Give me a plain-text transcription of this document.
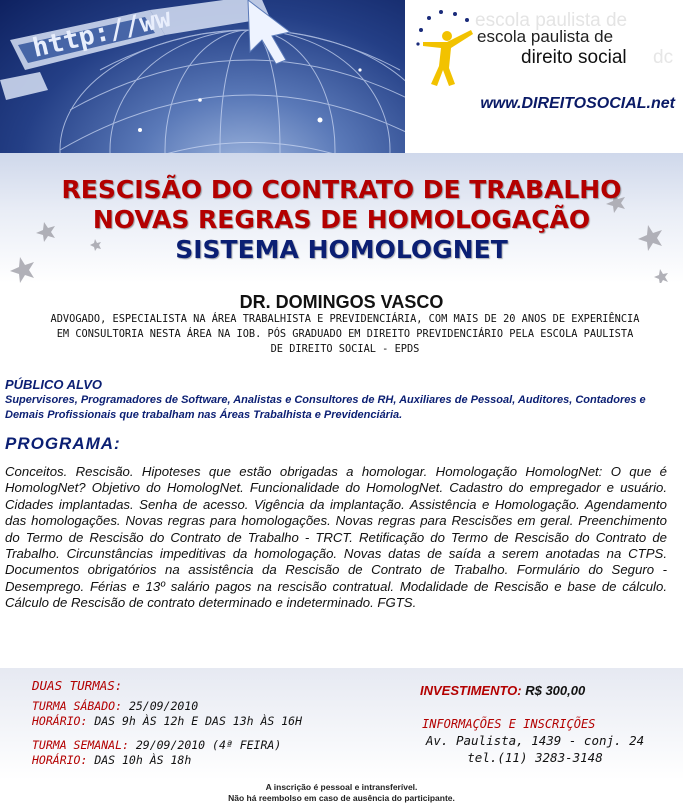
http://ww	escola paulista de
escola paulista de
direito social dc
www.DIREITOSOCIAL.net
RESCISÃO DO CONTRATO DE TRABALHO
NOVAS REGRAS DE HOMOLOGAÇÃO
SISTEMA HOMOLOGNET
DR. DOMINGOS VASCO
ADVOGADO, ESPECIALISTA NA ÁREA TRABALHISTA E PREVIDENCIÁRIA, COM MAIS DE 20 ANOS DE EXPERIÊNCIA EM CONSULTORIA NESTA ÁREA NA IOB. PÓS GRADUADO EM DIREITO PREVIDENCIÁRIO PELA ESCOLA PAULISTA DE DIREITO SOCIAL - EPDS
PÚBLICO ALVO
Supervisores, Programadores de Software, Analistas e Consultores de RH, Auxiliares de Pessoal, Auditores, Contadores e Demais Profissionais que trabalham nas Áreas Trabalhista e Previdenciária.
PROGRAMA:
Conceitos. Rescisão. Hipoteses que estão obrigadas a homologar. Homologação HomologNet: O que é HomologNet? Objetivo do HomologNet. Funcionalidade do HomologNet. Cadastro do empregador e usuário. Cidades implantadas. Senha de acesso. Vigência da implantação. Assistência e Homologação. Agendamento das homologações. Novas regras para homologações. Novas regras para Rescisões em geral. Preenchimento do Termo de Rescisão do Contrato de Trabalho - TRCT. Retificação do Termo de Rescisão do Contrato de Trabalho. Circunstâncias impeditivas da homologação. Novas datas de saída a serem anotadas na CTPS. Documentos obrigatórios na assistência da Rescisão de Contrato de Trabalho. Formulário do Seguro - Desemprego. Férias e 13º salário pagos na rescisão contratual. Modalidade de Rescisão e base de cálculo. Cálculo de Rescisão de contrato determinado e indeterminado. FGTS.
DUAS TURMAS:
TURMA SÁBADO: 25/09/2010
HORÁRIO: DAS 9h ÀS 12h E DAS 13h ÀS 16H
TURMA SEMANAL: 29/09/2010 (4ª FEIRA)
HORÁRIO: DAS 10h ÀS 18h
INVESTIMENTO: R$ 300,00
INFORMAÇÕES E INSCRIÇÕES
Av. Paulista, 1439 - conj. 24
tel.(11) 3283-3148
A inscrição é pessoal e intransferível.
Não há reembolso em caso de ausência do participante.
